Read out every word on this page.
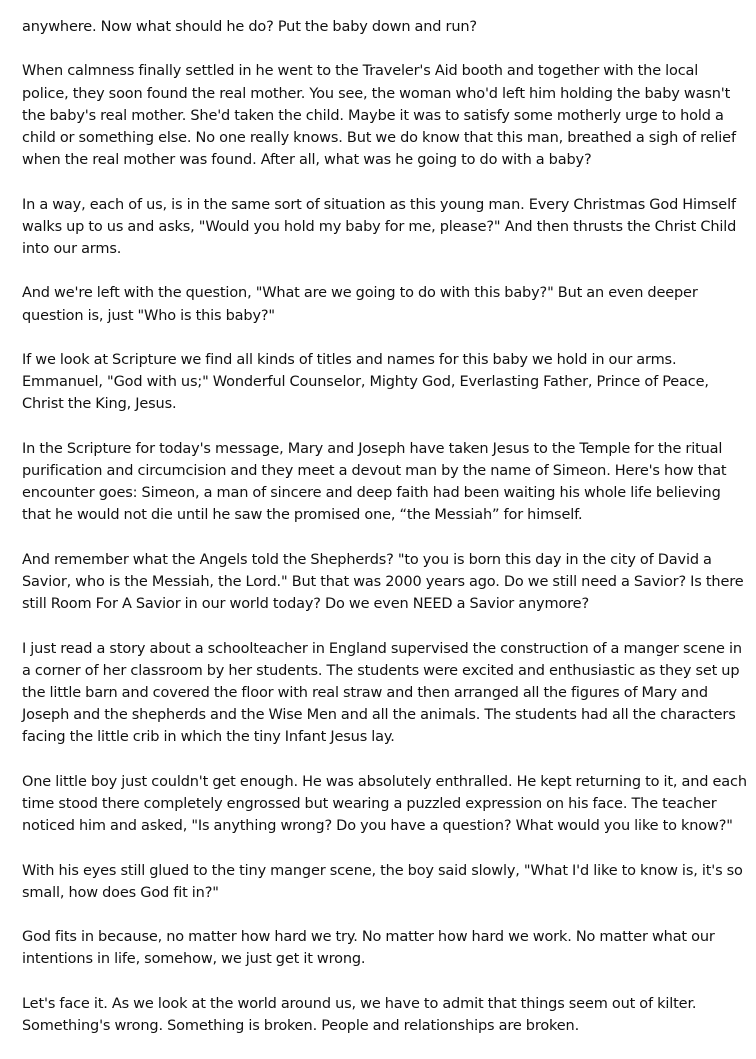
anywhere. Now what should he do? Put the baby down and run?

When calmness finally settled in he went to the Traveler's Aid booth and together with the local
police, they soon found the real mother. You see, the woman who'd left him holding the baby wasn't
the baby's real mother. She'd taken the child. Maybe it was to satisfy some motherly urge to hold a
child or something else. No one really knows. But we do know that this man, breathed a sigh of relief
when the real mother was found. After all, what was he going to do with a baby?

In a way, each of us, is in the same sort of situation as this young man. Every Christmas God Himself
walks up to us and asks, "Would you hold my baby for me, please?" And then thrusts the Christ Child
into our arms.

And we're left with the question, "What are we going to do with this baby?" But an even deeper
question is, just "Who is this baby?"

If we look at Scripture we find all kinds of titles and names for this baby we hold in our arms.
Emmanuel, "God with us;" Wonderful Counselor, Mighty God, Everlasting Father, Prince of Peace,
Christ the King, Jesus.

In the Scripture for today's message, Mary and Joseph have taken Jesus to the Temple for the ritual
purification and circumcision and they meet a devout man by the name of Simeon. Here's how that
encounter goes: Simeon, a man of sincere and deep faith had been waiting his whole life believing
that he would not die until he saw the promised one, “the Messiah” for himself.

And remember what the Angels told the Shepherds? "to you is born this day in the city of David a
Savior, who is the Messiah, the Lord." But that was 2000 years ago. Do we still need a Savior? Is there
still Room For A Savior in our world today? Do we even NEED a Savior anymore?

I just read a story about a schoolteacher in England supervised the construction of a manger scene in
a corner of her classroom by her students. The students were excited and enthusiastic as they set up
the little barn and covered the floor with real straw and then arranged all the figures of Mary and
Joseph and the shepherds and the Wise Men and all the animals. The students had all the characters
facing the little crib in which the tiny Infant Jesus lay.

One little boy just couldn't get enough. He was absolutely enthralled. He kept returning to it, and each
time stood there completely engrossed but wearing a puzzled expression on his face. The teacher
noticed him and asked, "Is anything wrong? Do you have a question? What would you like to know?"

With his eyes still glued to the tiny manger scene, the boy said slowly, "What I'd like to know is, it's so
small, how does God fit in?"

God fits in because, no matter how hard we try. No matter how hard we work. No matter what our
intentions in life, somehow, we just get it wrong.

Let's face it. As we look at the world around us, we have to admit that things seem out of kilter.
Something's wrong. Something is broken. People and relationships are broken.
